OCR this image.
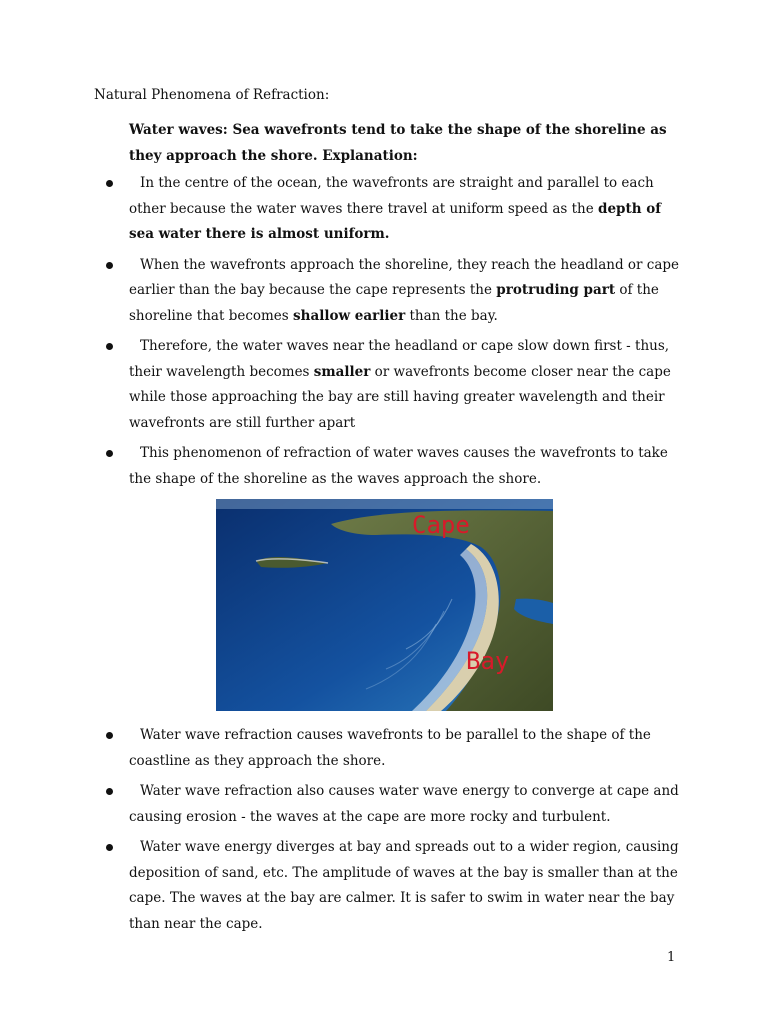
Natural Phenomena of Refraction:

Water waves: Sea wavefronts tend to take the shape of the shoreline as they approach the shore. Explanation:

In the centre of the ocean, the wavefronts are straight and parallel to each other because the water waves there travel at uniform speed as the depth of sea water there is almost uniform.
When the wavefronts approach the shoreline, they reach the headland or cape earlier than the bay because the cape represents the protruding part of the shoreline that becomes shallow earlier than the bay.
Therefore, the water waves near the headland or cape slow down first - thus, their wavelength becomes smaller or wavefronts become closer near the cape while those approaching the bay are still having greater wavelength and their wavefronts are still further apart
This phenomenon of refraction of water waves causes the wavefronts to take the shape of the shoreline as the waves approach the shore.
Cape
Bay
Water wave refraction causes wavefronts to be parallel to the shape of the coastline as they approach the shore.
Water wave refraction also causes water wave energy to converge at cape and causing erosion - the waves at the cape are more rocky and turbulent.
Water wave energy diverges at bay and spreads out to a wider region, causing deposition of sand, etc. The amplitude of waves at the bay is smaller than at the cape. The waves at the bay are calmer. It is safer to swim in water near the bay than near the cape.
1
